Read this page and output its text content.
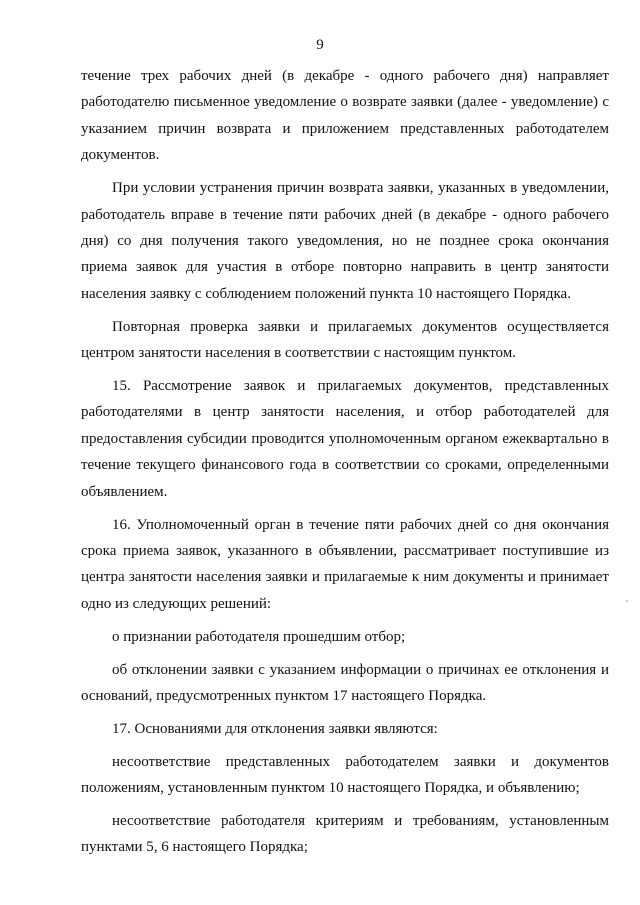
9

течение трех рабочих дней (в декабре - одного рабочего дня) направляет работодателю письменное уведомление о возврате заявки (далее - уведомление) с указанием причин возврата и приложением представленных работодателем документов.

При условии устранения причин возврата заявки, указанных в уведомлении, работодатель вправе в течение пяти рабочих дней (в декабре - одного рабочего дня) со дня получения такого уведомления, но не позднее срока окончания приема заявок для участия в отборе повторно направить в центр занятости населения заявку с соблюдением положений пункта 10 настоящего Порядка.

Повторная проверка заявки и прилагаемых документов осуществляется центром занятости населения в соответствии с настоящим пунктом.

15. Рассмотрение заявок и прилагаемых документов, представленных работодателями в центр занятости населения, и отбор работодателей для предоставления субсидии проводится уполномоченным органом ежеквартально в течение текущего финансового года в соответствии со сроками, определенными объявлением.

16. Уполномоченный орган в течение пяти рабочих дней со дня окончания срока приема заявок, указанного в объявлении, рассматривает поступившие из центра занятости населения заявки и прилагаемые к ним документы и принимает одно из следующих решений:

о признании работодателя прошедшим отбор;

об отклонении заявки с указанием информации о причинах ее отклонения и оснований, предусмотренных пунктом 17 настоящего Порядка.

17. Основаниями для отклонения заявки являются:

несоответствие представленных работодателем заявки и документов положениям, установленным пунктом 10 настоящего Порядка, и объявлению;

несоответствие работодателя критериям и требованиям, установленным пунктами 5, 6 настоящего Порядка;
